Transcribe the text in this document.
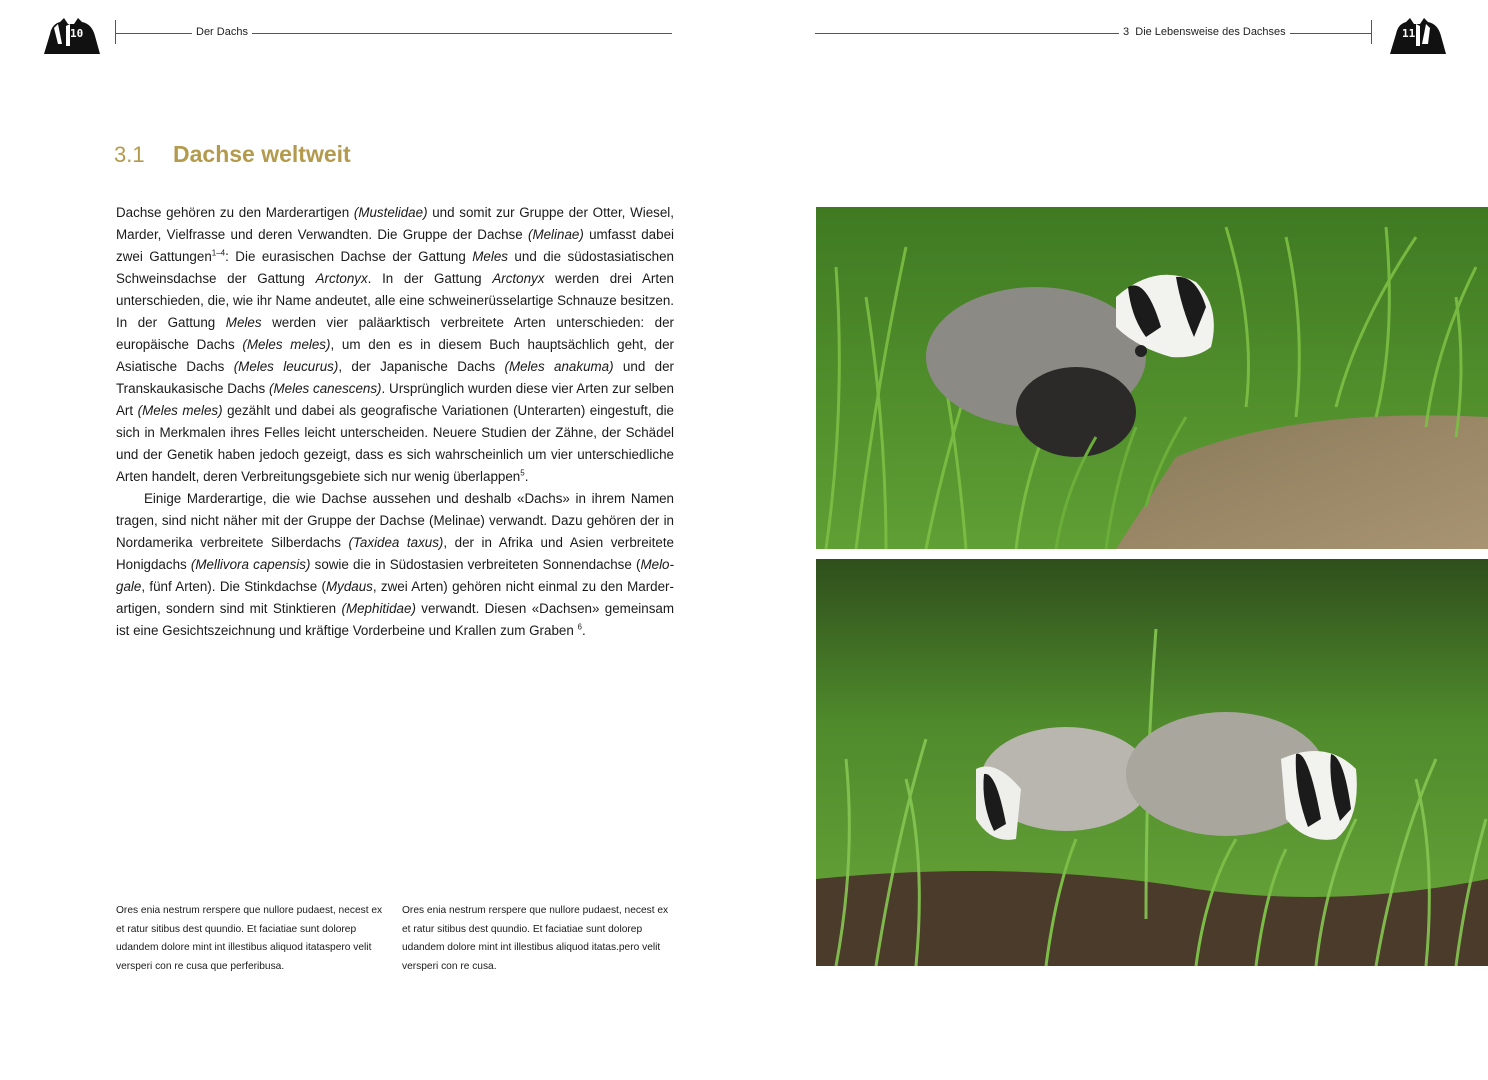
10	Der Dachs	3 Die Lebensweise des Dachses	11
3.1 Dachse weltweit

Dachse gehören zu den Marderartigen (Mustelidae) und somit zur Gruppe der Otter, Wiesel, Marder, Vielfrasse und deren Verwandten. Die Gruppe der Dachse (Melinae) umfasst dabei zwei Gattungen$^{1-4}$: Die eurasischen Dachse der Gattung Meles und die südostasiatischen Schweinsdachse der Gattung Arctonyx. In der Gattung Arctonyx werden drei Arten unterschieden, die, wie ihr Name andeutet, alle eine schweinerüsselartige Schnauze besitzen. In der Gattung Meles werden vier paläarktisch verbreitete Arten unterschieden: der europäische Dachs (Meles meles), um den es in diesem Buch hauptsächlich geht, der Asiatische Dachs (Meles leucurus), der Japanische Dachs (Meles anakuma) und der Transkaukasische Dachs (Meles canescens). Ursprünglich wurden diese vier Arten zur selben Art (Meles meles) gezählt und dabei als geografische Variationen (Unterarten) eingestuft, die sich in Merkmalen ihres Felles leicht unterscheiden. Neuere Studien der Zähne, der Schädel und der Genetik haben jedoch gezeigt, dass es sich wahrscheinlich um vier unterschiedliche Arten handelt, deren Verbreitungsgebiete sich nur wenig überlappen$^5$.

Einige Marderartige, die wie Dachse aussehen und deshalb «Dachs» in ihrem Namen tragen, sind nicht näher mit der Gruppe der Dachse (Melinae) verwandt. Dazu gehören der in Nordamerika verbreitete Silberdachs (Taxidea taxus), der in Afrika und Asien verbreitete Honigdachs (Mellivora capensis) sowie die in Südostasien verbreiteten Sonnendachse (Melogale, fünf Arten). Die Stinkdachse (Mydaus, zwei Arten) gehören nicht einmal zu den Marderartigen, sondern sind mit Stinktieren (Mephitidae) verwandt. Diesen «Dachsen» gemeinsam ist eine Gesichtszeichnung und kräftige Vorderbeine und Krallen zum Graben $^6$.

Ores enia nestrum rerspere que nullore pudaest, necest ex et ratur sitibus dest quundio. Et faciatiae sunt dolorep udandem dolore mint int illestibus aliquod itataspero velit versperi con re cusa que perferibusa.
Ores enia nestrum rerspere que nullore pudaest, necest ex et ratur sitibus dest quundio. Et faciatiae sunt dolorep udandem dolore mint int illestibus aliquod itatas.pero velit versperi con re cusa.
